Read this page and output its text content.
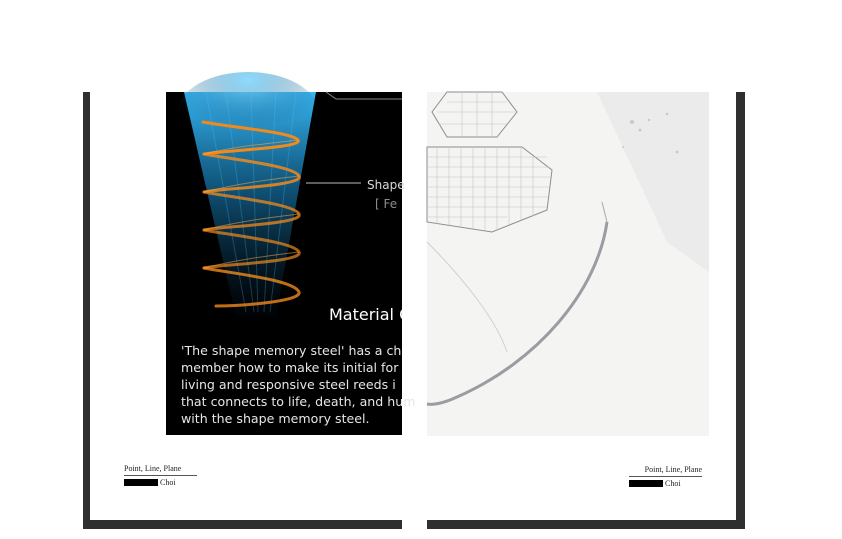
Shape
[ Fe
Material C
'The shape memory steel' has a ch
member how to make its initial for
living and responsive steel reeds i
that connects to life, death, and hum
with the shape memory steel.
Point, Line, Plane
Choi
Point, Line, Plane
Choi
